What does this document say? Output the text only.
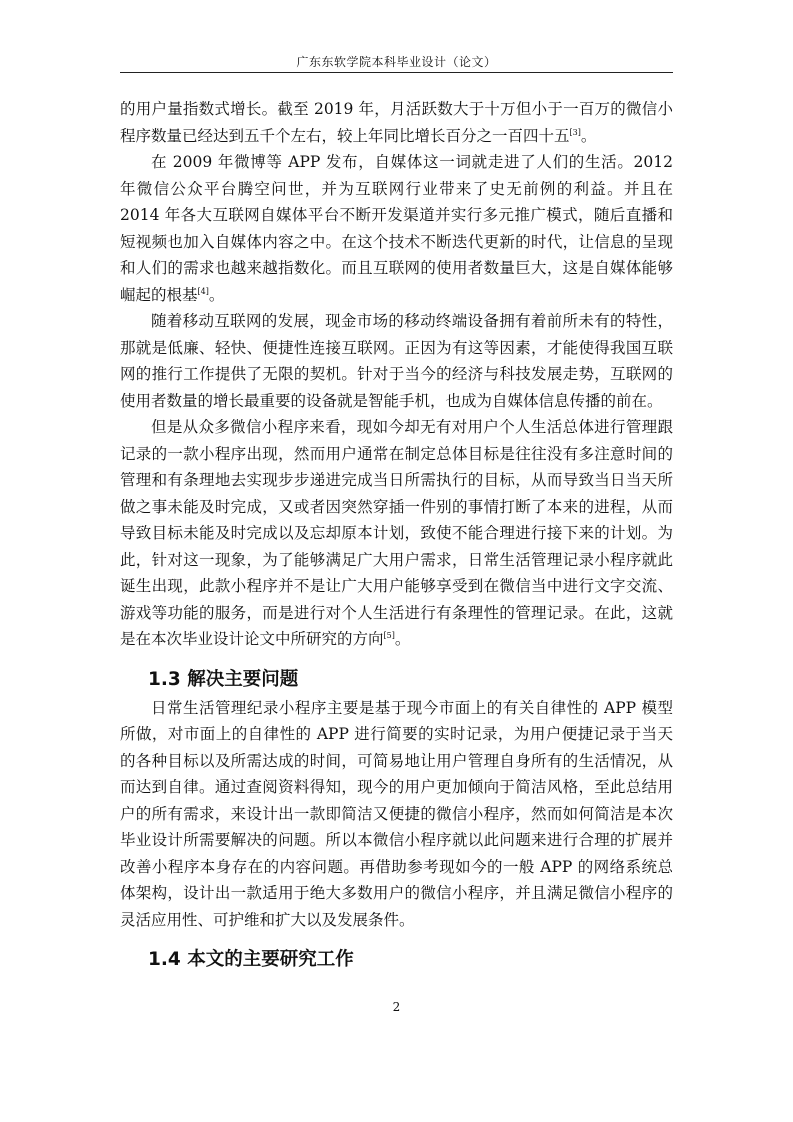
广东东软学院本科毕业设计（论文）

的用户量指数式增长。截至 2019 年，月活跃数大于十万但小于一百万的微信小程序数量已经达到五千个左右，较上年同比增长百分之一百四十五[3]。

在 2009 年微博等 APP 发布，自媒体这一词就走进了人们的生活。2012 年微信公众平台腾空问世，并为互联网行业带来了史无前例的利益。并且在 2014 年各大互联网自媒体平台不断开发渠道并实行多元推广模式，随后直播和短视频也加入自媒体内容之中。在这个技术不断迭代更新的时代，让信息的呈现和人们的需求也越来越指数化。而且互联网的使用者数量巨大，这是自媒体能够崛起的根基[4]。

随着移动互联网的发展，现金市场的移动终端设备拥有着前所未有的特性，那就是低廉、轻快、便捷性连接互联网。正因为有这等因素，才能使得我国互联网的推行工作提供了无限的契机。针对于当今的经济与科技发展走势，互联网的使用者数量的增长最重要的设备就是智能手机，也成为自媒体信息传播的前在。

但是从众多微信小程序来看，现如今却无有对用户个人生活总体进行管理跟记录的一款小程序出现，然而用户通常在制定总体目标是往往没有多注意时间的管理和有条理地去实现步步递进完成当日所需执行的目标，从而导致当日当天所做之事未能及时完成，又或者因突然穿插一件别的事情打断了本来的进程，从而导致目标未能及时完成以及忘却原本计划，致使不能合理进行接下来的计划。为此，针对这一现象，为了能够满足广大用户需求，日常生活管理记录小程序就此诞生出现，此款小程序并不是让广大用户能够享受到在微信当中进行文字交流、游戏等功能的服务，而是进行对个人生活进行有条理性的管理记录。在此，这就是在本次毕业设计论文中所研究的方向[5]。

1.3 解决主要问题

日常生活管理纪录小程序主要是基于现今市面上的有关自律性的 APP 模型所做，对市面上的自律性的 APP 进行简要的实时记录，为用户便捷记录于当天的各种目标以及所需达成的时间，可简易地让用户管理自身所有的生活情况，从而达到自律。通过查阅资料得知，现今的用户更加倾向于简洁风格，至此总结用户的所有需求，来设计出一款即简洁又便捷的微信小程序，然而如何简洁是本次毕业设计所需要解决的问题。所以本微信小程序就以此问题来进行合理的扩展并改善小程序本身存在的内容问题。再借助参考现如今的一般 APP 的网络系统总体架构，设计出一款适用于绝大多数用户的微信小程序，并且满足微信小程序的灵活应用性、可护维和扩大以及发展条件。

1.4 本文的主要研究工作
2
